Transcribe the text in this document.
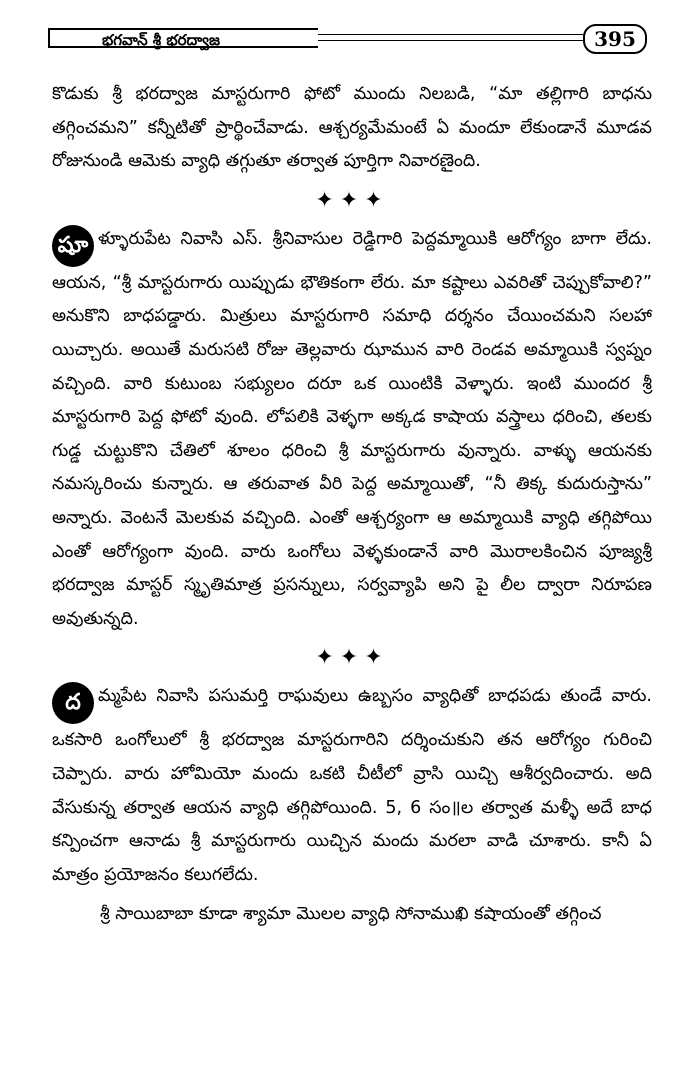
భగవాన్ శ్రీ భరద్వాజ	395

కొడుకు శ్రీ భరద్వాజ మాస్టరుగారి ఫోటో ముందు నిలబడి, “మా తల్లిగారి బాధను తగ్గించమని” కన్నీటితో ప్రార్థించేవాడు. ఆశ్చర్యమేమంటే ఏ మందూ లేకుండానే మూడవ రోజునుండి ఆమెకు వ్యాధి తగ్గుతూ తర్వాత పూర్తిగా నివారణైంది.

✦✦✦

షూ ళ్ళూరుపేట నివాసి ఎస్. శ్రీనివాసుల రెడ్డిగారి పెద్దమ్మాయికి ఆరోగ్యం బాగా లేదు. ఆయన, “శ్రీ మాస్టరుగారు యిప్పుడు భౌతికంగా లేరు. మా కష్టాలు ఎవరితో చెప్పుకోవాలి?” అనుకొని బాధపడ్డారు. మిత్రులు మాస్టరుగారి సమాధి దర్శనం చేయించమని సలహా యిచ్చారు. అయితే మరుసటి రోజు తెల్లవారు ఝామున వారి రెండవ అమ్మాయికి స్వప్నం వచ్చింది. వారి కుటుంబ సభ్యులం దరూ ఒక యింటికి వెళ్ళారు. ఇంటి ముందర శ్రీ మాస్టరుగారి పెద్ద ఫోటో వుంది. లోపలికి వెళ్ళగా అక్కడ కాషాయ వస్త్రాలు ధరించి, తలకు గుడ్డ చుట్టుకొని చేతిలో శూలం ధరించి శ్రీ మాస్టరుగారు వున్నారు. వాళ్ళు ఆయనకు నమస్కరించు కున్నారు. ఆ తరువాత వీరి పెద్ద అమ్మాయితో, “నీ తిక్క కుదురుస్తాను” అన్నారు. వెంటనే మెలకువ వచ్చింది. ఎంతో ఆశ్చర్యంగా ఆ అమ్మాయికి వ్యాధి తగ్గిపోయి ఎంతో ఆరోగ్యంగా వుంది. వారు ఒంగోలు వెళ్ళకుండానే వారి మొరాలకించిన పూజ్యశ్రీ భరద్వాజ మాస్టర్ స్మృతిమాత్ర ప్రసన్నులు, సర్వవ్యాపి అని పై లీల ద్వారా నిరూపణ అవుతున్నది.

✦✦✦

ద మ్మపేట నివాసి పసుమర్తి రాఘవులు ఉబ్బసం వ్యాధితో బాధపడు తుండే వారు. ఒకసారి ఒంగోలులో శ్రీ భరద్వాజ మాస్టరుగారిని దర్శించుకుని తన ఆరోగ్యం గురించి చెప్పారు. వారు హోమియో మందు ఒకటి చీటీలో వ్రాసి యిచ్చి ఆశీర్వదించారు. అది వేసుకున్న తర్వాత ఆయన వ్యాధి తగ్గిపోయింది. 5, 6 సం॥ల తర్వాత మళ్ళీ అదే బాధ కన్పించగా ఆనాడు శ్రీ మాస్టరుగారు యిచ్చిన మందు మరలా వాడి చూశారు. కానీ ఏ మాత్రం ప్రయోజనం కలుగలేదు.

శ్రీ సాయిబాబా కూడా శ్యామా మొలల వ్యాధి సోనాముఖి కషాయంతో తగ్గించ
